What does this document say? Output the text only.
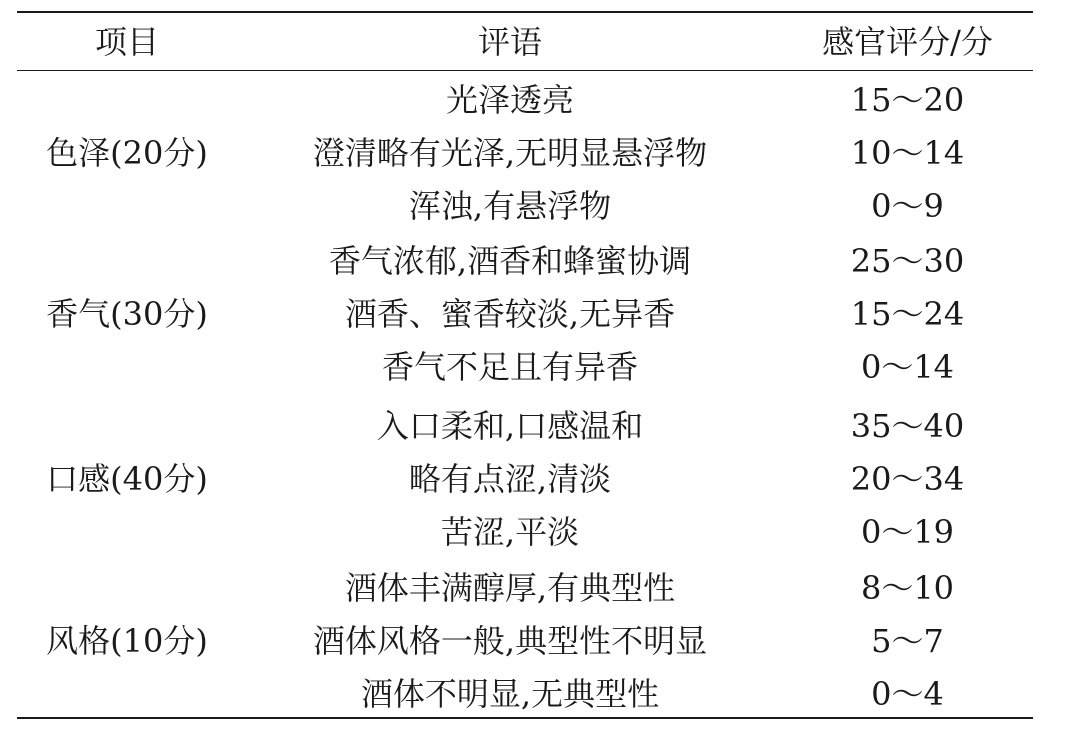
项目	评语	感官评分/分
色泽(20分)
光泽透亮	15～20
澄清略有光泽,无明显悬浮物	10～14
浑浊,有悬浮物	0～9
香气(30分)
香气浓郁,酒香和蜂蜜协调	25～30
酒香、蜜香较淡,无异香	15～24
香气不足且有异香	0～14
口感(40分)
入口柔和,口感温和	35～40
略有点涩,清淡	20～34
苦涩,平淡	0～19
风格(10分)
酒体丰满醇厚,有典型性	8～10
酒体风格一般,典型性不明显	5～7
酒体不明显,无典型性	0～4
